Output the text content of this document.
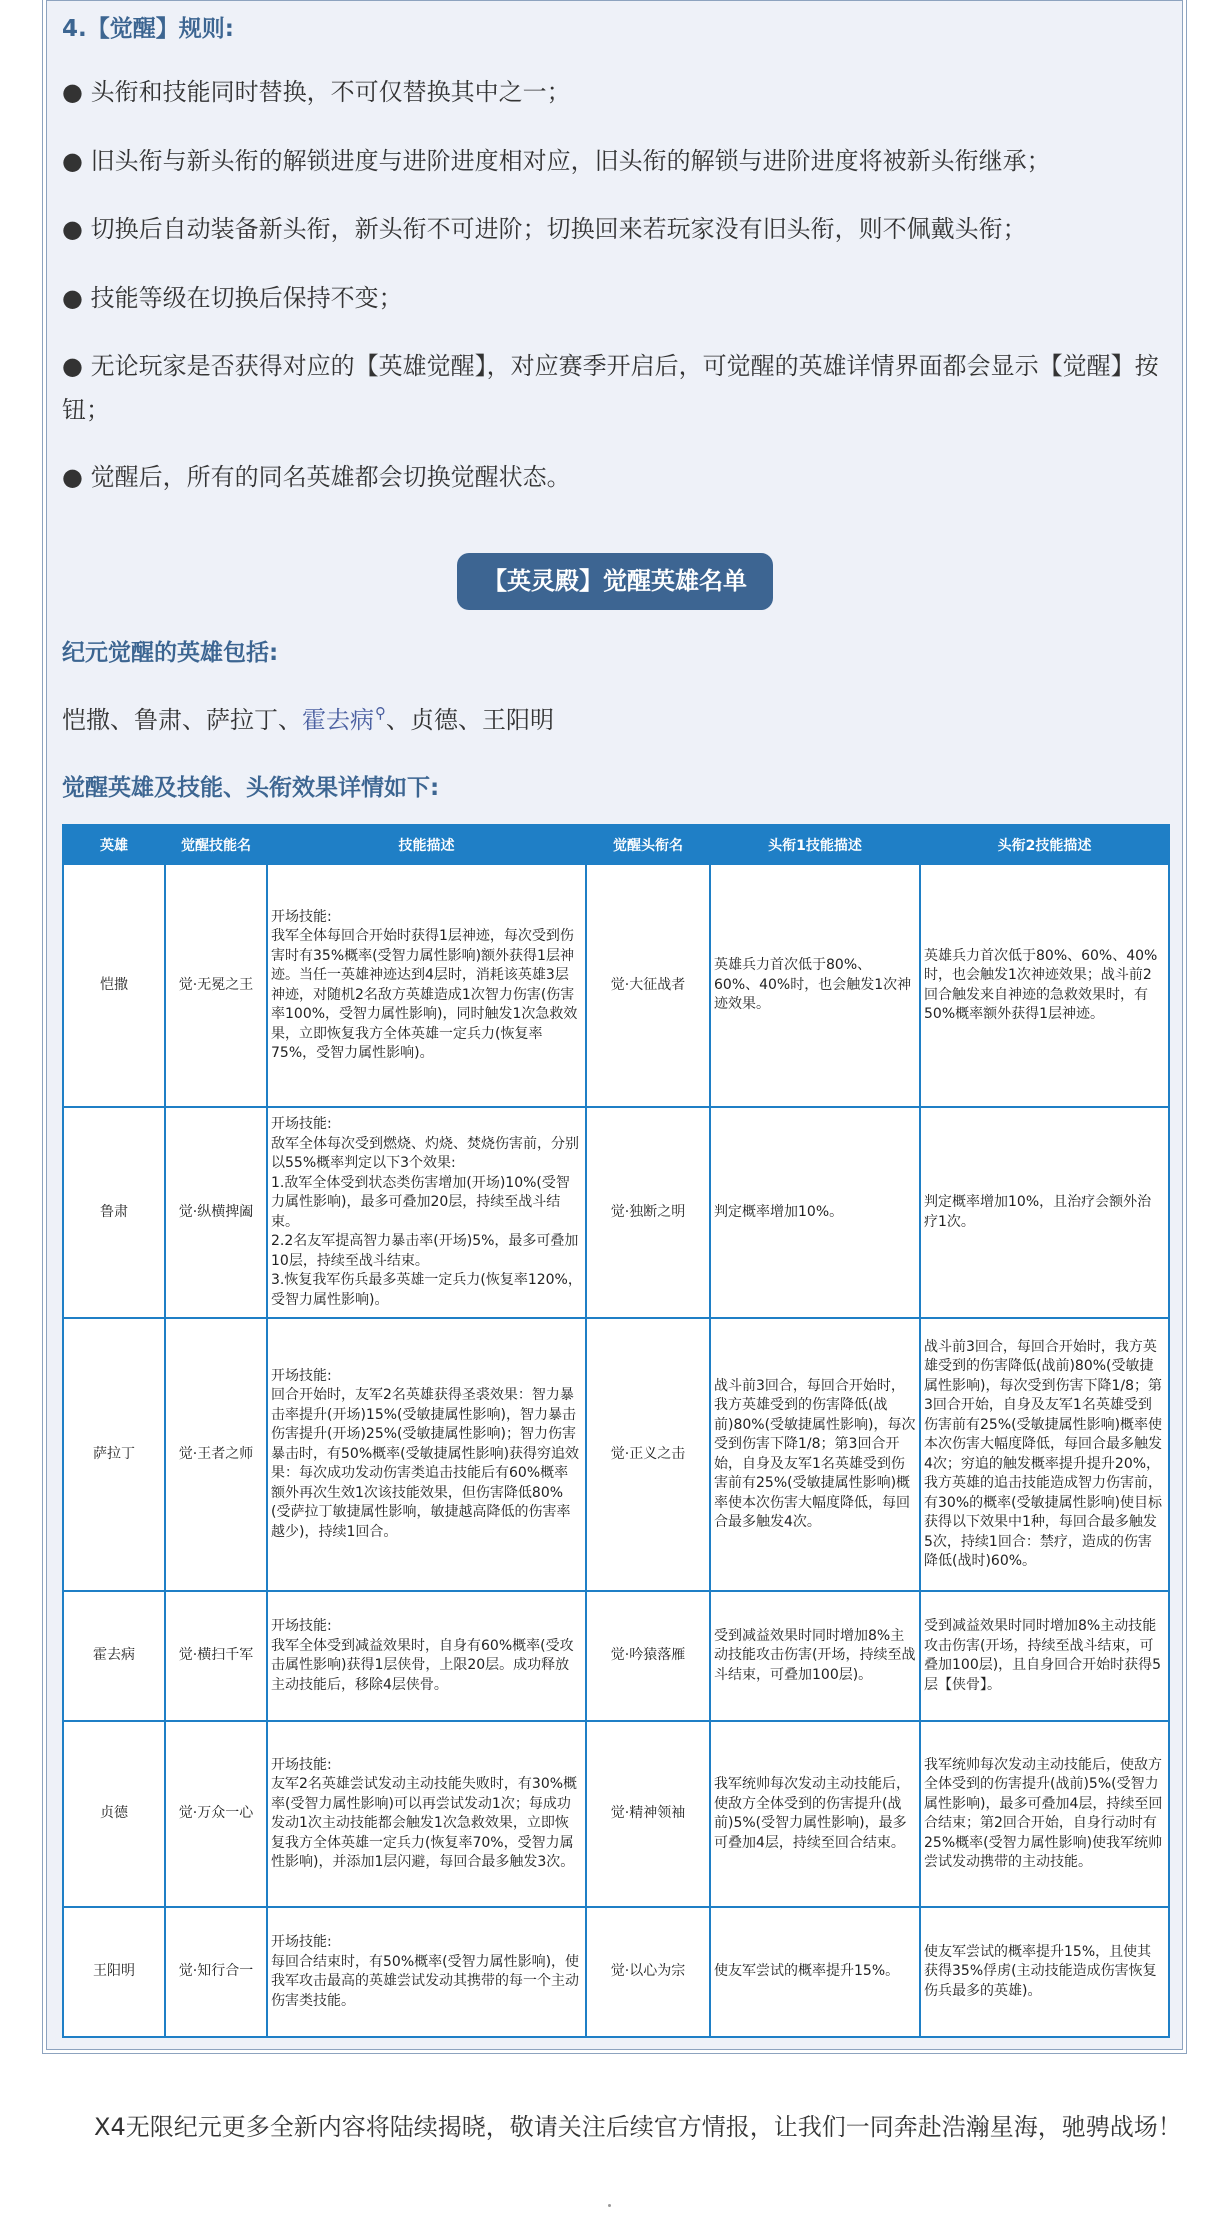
4.【觉醒】规则:
● 头衔和技能同时替换，不可仅替换其中之一；
● 旧头衔与新头衔的解锁进度与进阶进度相对应，旧头衔的解锁与进阶进度将被新头衔继承；
● 切换后自动装备新头衔，新头衔不可进阶；切换回来若玩家没有旧头衔，则不佩戴头衔；
● 技能等级在切换后保持不变；
● 无论玩家是否获得对应的【英雄觉醒】，对应赛季开启后，可觉醒的英雄详情界面都会显示【觉醒】按钮；
● 觉醒后，所有的同名英雄都会切换觉醒状态。
【英灵殿】觉醒英雄名单
纪元觉醒的英雄包括:
恺撒、鲁肃、萨拉丁、霍去病⚲、贞德、王阳明
觉醒英雄及技能、头衔效果详情如下:
英雄	觉醒技能名	技能描述	觉醒头衔名	头衔1技能描述	头衔2技能描述
恺撒	觉·无冕之王	开场技能:
我军全体每回合开始时获得1层神迹，每次受到伤害时有35%概率(受智力属性影响)额外获得1层神迹。当任一英雄神迹达到4层时，消耗该英雄3层神迹，对随机2名敌方英雄造成1次智力伤害(伤害率100%，受智力属性影响)，同时触发1次急救效果，立即恢复我方全体英雄一定兵力(恢复率75%，受智力属性影响)。	觉·大征战者	英雄兵力首次低于80%、60%、40%时，也会触发1次神迹效果。	英雄兵力首次低于80%、60%、40%时，也会触发1次神迹效果；战斗前2回合触发来自神迹的急救效果时，有50%概率额外获得1层神迹。
鲁肃	觉·纵横捭阖	开场技能:
敌军全体每次受到燃烧、灼烧、焚烧伤害前，分别以55%概率判定以下3个效果:
1.敌军全体受到状态类伤害增加(开场)10%(受智力属性影响)，最多可叠加20层，持续至战斗结束。
2.2名友军提高智力暴击率(开场)5%，最多可叠加10层，持续至战斗结束。
3.恢复我军伤兵最多英雄一定兵力(恢复率120%，受智力属性影响)。	觉·独断之明	判定概率增加10%。	判定概率增加10%，且治疗会额外治疗1次。
萨拉丁	觉·王者之师	开场技能:
回合开始时，友军2名英雄获得圣裘效果：智力暴击率提升(开场)15%(受敏捷属性影响)，智力暴击伤害提升(开场)25%(受敏捷属性影响)；智力伤害暴击时，有50%概率(受敏捷属性影响)获得穷追效果：每次成功发动伤害类追击技能后有60%概率额外再次生效1次该技能效果，但伤害降低80%(受萨拉丁敏捷属性影响，敏捷越高降低的伤害率越少)，持续1回合。	觉·正义之击	战斗前3回合，每回合开始时，我方英雄受到的伤害降低(战前)80%(受敏捷属性影响)，每次受到伤害下降1/8；第3回合开始，自身及友军1名英雄受到伤害前有25%(受敏捷属性影响)概率使本次伤害大幅度降低，每回合最多触发4次。	战斗前3回合，每回合开始时，我方英雄受到的伤害降低(战前)80%(受敏捷属性影响)，每次受到伤害下降1/8；第3回合开始，自身及友军1名英雄受到伤害前有25%(受敏捷属性影响)概率使本次伤害大幅度降低，每回合最多触发4次；穷追的触发概率提升提升20%，我方英雄的追击技能造成智力伤害前，有30%的概率(受敏捷属性影响)使目标获得以下效果中1种，每回合最多触发5次，持续1回合：禁疗，造成的伤害降低(战时)60%。
霍去病	觉·横扫千军	开场技能:
我军全体受到减益效果时，自身有60%概率(受攻击属性影响)获得1层侠骨，上限20层。成功释放主动技能后，移除4层侠骨。	觉·吟猿落雁	受到减益效果时同时增加8%主动技能攻击伤害(开场，持续至战斗结束，可叠加100层)。	受到减益效果时同时增加8%主动技能攻击伤害(开场，持续至战斗结束，可叠加100层)，且自身回合开始时获得5层【侠骨】。
贞德	觉·万众一心	开场技能:
友军2名英雄尝试发动主动技能失败时，有30%概率(受智力属性影响)可以再尝试发动1次；每成功发动1次主动技能都会触发1次急救效果，立即恢复我方全体英雄一定兵力(恢复率70%，受智力属性影响)，并添加1层闪避，每回合最多触发3次。	觉·精神领袖	我军统帅每次发动主动技能后，使敌方全体受到的伤害提升(战前)5%(受智力属性影响)，最多可叠加4层，持续至回合结束。	我军统帅每次发动主动技能后，使敌方全体受到的伤害提升(战前)5%(受智力属性影响)，最多可叠加4层，持续至回合结束；第2回合开始，自身行动时有25%概率(受智力属性影响)使我军统帅尝试发动携带的主动技能。
王阳明	觉·知行合一	开场技能:
每回合结束时，有50%概率(受智力属性影响)，使我军攻击最高的英雄尝试发动其携带的每一个主动伤害类技能。	觉·以心为宗	使友军尝试的概率提升15%。	使友军尝试的概率提升15%，且使其获得35%俘虏(主动技能造成伤害恢复伤兵最多的英雄)。
X4无限纪元更多全新内容将陆续揭晓，敬请关注后续官方情报，让我们一同奔赴浩瀚星海，驰骋战场！
